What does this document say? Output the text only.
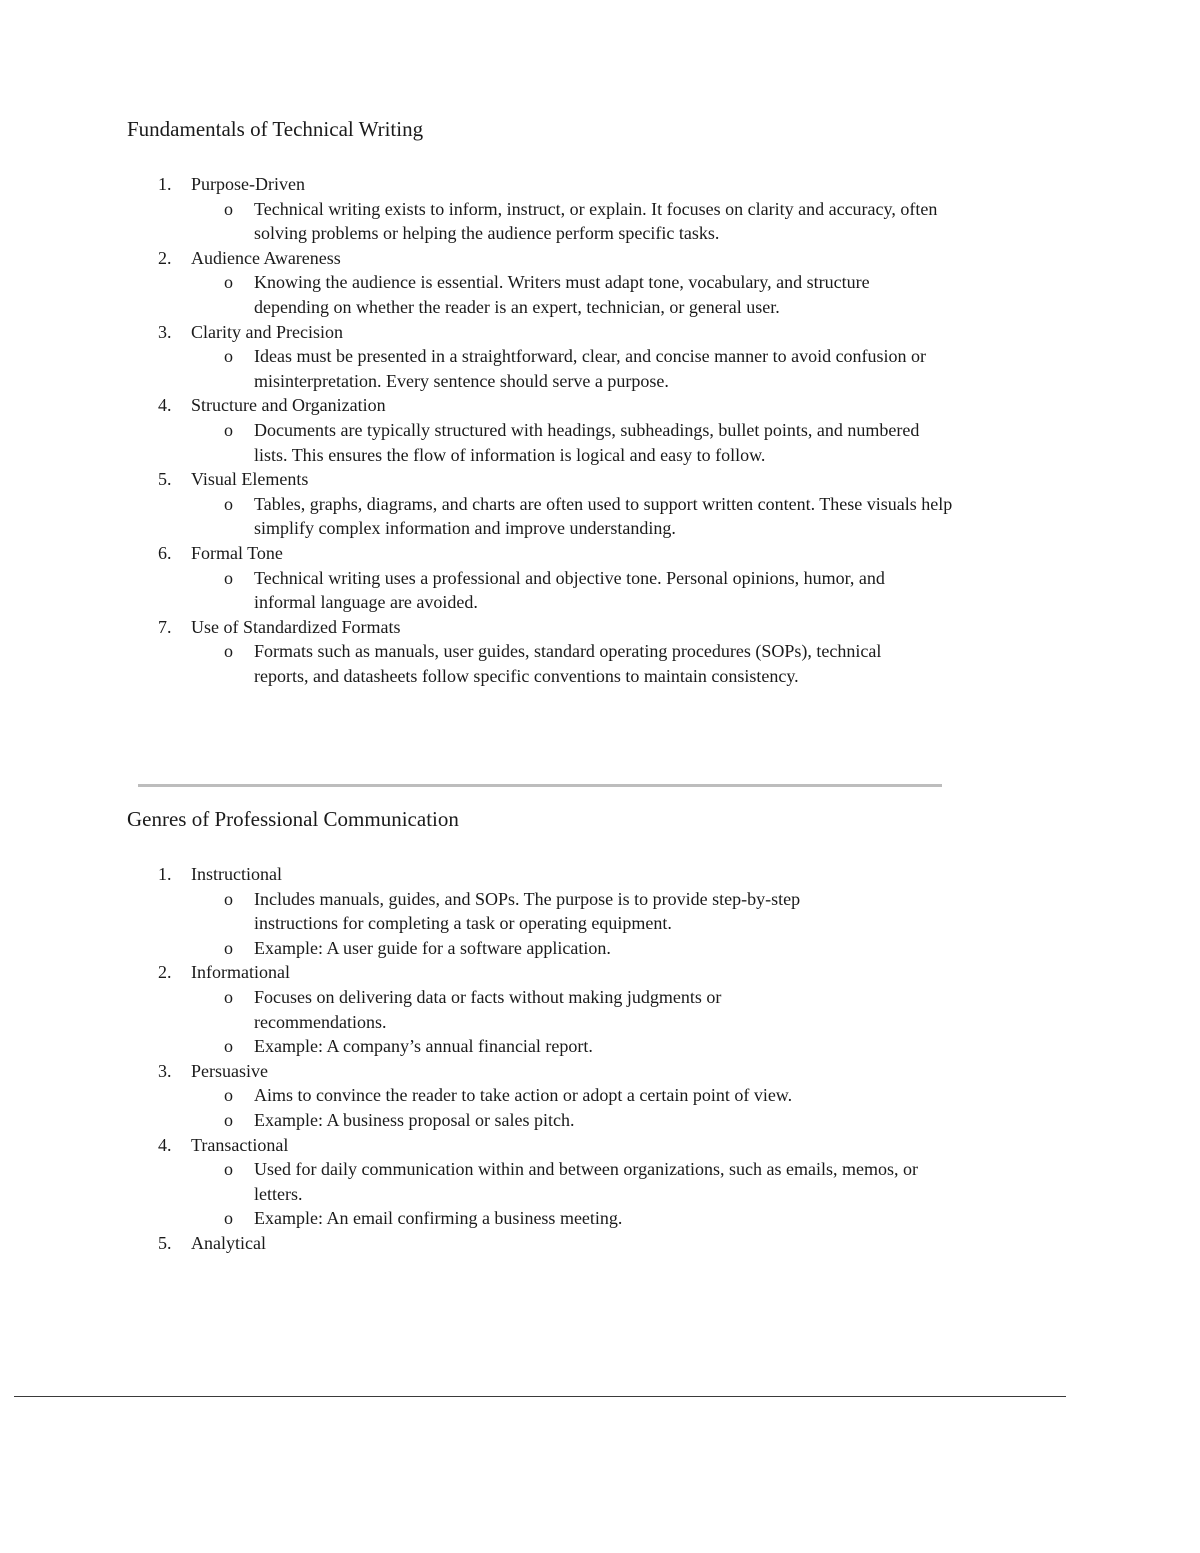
Fundamentals of Technical Writing
1. Purpose-Driven
o Technical writing exists to inform, instruct, or explain. It focuses on clarity and accuracy, often solving problems or helping the audience perform specific tasks.
2. Audience Awareness
o Knowing the audience is essential. Writers must adapt tone, vocabulary, and structure depending on whether the reader is an expert, technician, or general user.
3. Clarity and Precision
o Ideas must be presented in a straightforward, clear, and concise manner to avoid confusion or misinterpretation. Every sentence should serve a purpose.
4. Structure and Organization
o Documents are typically structured with headings, subheadings, bullet points, and numbered lists. This ensures the flow of information is logical and easy to follow.
5. Visual Elements
o Tables, graphs, diagrams, and charts are often used to support written content. These visuals help simplify complex information and improve understanding.
6. Formal Tone
o Technical writing uses a professional and objective tone. Personal opinions, humor, and informal language are avoided.
7. Use of Standardized Formats
o Formats such as manuals, user guides, standard operating procedures (SOPs), technical reports, and datasheets follow specific conventions to maintain consistency.
Genres of Professional Communication
1. Instructional
o Includes manuals, guides, and SOPs. The purpose is to provide step-by-step instructions for completing a task or operating equipment.
o Example: A user guide for a software application.
2. Informational
o Focuses on delivering data or facts without making judgments or recommendations.
o Example: A company’s annual financial report.
3. Persuasive
o Aims to convince the reader to take action or adopt a certain point of view.
o Example: A business proposal or sales pitch.
4. Transactional
o Used for daily communication within and between organizations, such as emails, memos, or letters.
o Example: An email confirming a business meeting.
5. Analytical
